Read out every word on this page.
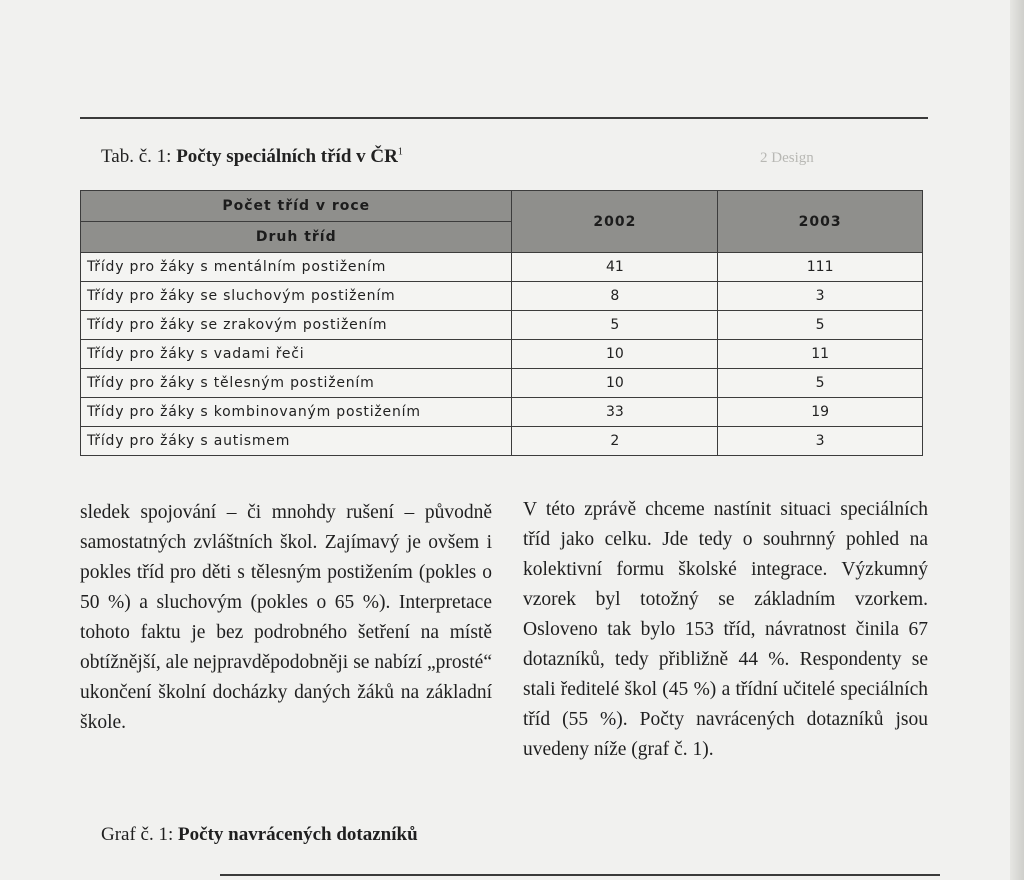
2 Design
Tab. č. 1: Počty speciálních tříd v $ČR^1$
Počet tříd v roce	2002	2003
Druh tříd		
Třídy pro žáky s mentálním postižením	41	111
Třídy pro žáky se sluchovým postižením	8	3
Třídy pro žáky se zrakovým postižením	5	5
Třídy pro žáky s vadami řeči	10	11
Třídy pro žáky s tělesným postižením	10	5
Třídy pro žáky s kombinovaným postižením	33	19
Třídy pro žáky s autismem	2	3

sledek spojování – či mnohdy rušení – původně samostatných zvláštních škol. Zajímavý je ovšem i pokles tříd pro děti s tělesným postižením (pokles o 50 %) a sluchovým (pokles o 65 %). Interpretace tohoto faktu je bez podrobného šetření na místě obtížnější, ale nejpravděpodobněji se nabízí „prosté“ ukončení školní docházky daných žáků na základní škole.

V této zprávě chceme nastínit situaci speciálních tříd jako celku. Jde tedy o souhrnný pohled na kolektivní formu školské integrace. Výzkumný vzorek byl totožný se základním vzorkem. Osloveno tak bylo 153 tříd, návratnost činila 67 dotazníků, tedy přibližně 44 %. Respondenty se stali ředitelé škol (45 %) a třídní učitelé speciálních tříd (55 %). Počty navrácených dotazníků jsou uvedeny níže (graf č. 1).

Graf č. 1: Počty navrácených dotazníků
